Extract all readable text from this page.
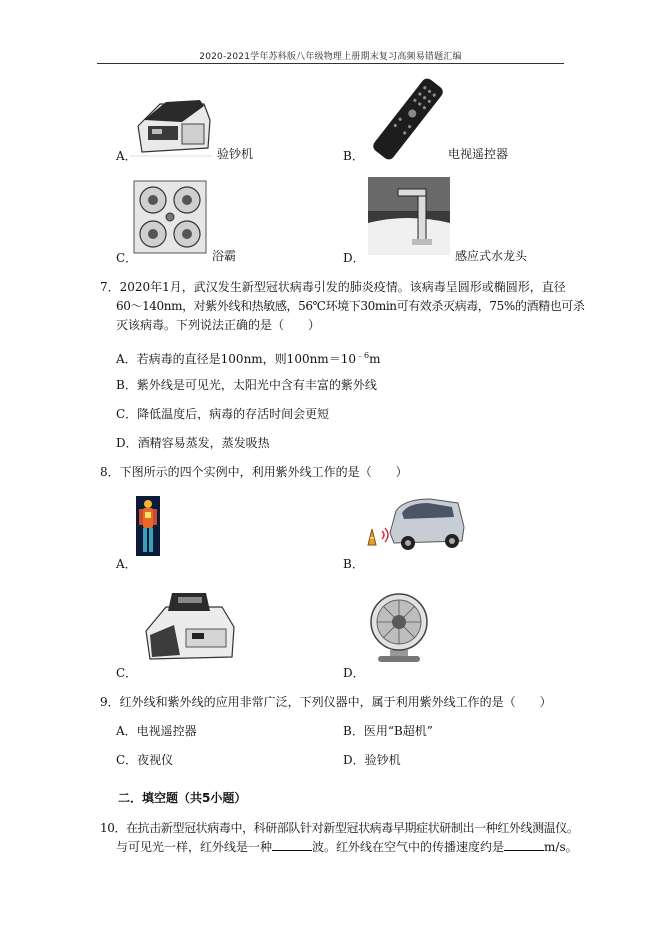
2020-2021学年苏科版八年级物理上册期末复习高频易错题汇编
A．	验钞机	B．	电视遥控器
C．	浴霸	D．	感应式水龙头
7．2020年1月，武汉发生新型冠状病毒引发的肺炎疫情。该病毒呈圆形或椭圆形，直径
60～140nm，对紫外线和热敏感，56℃环境下30min可有效杀灭病毒，75%的酒精也可杀
灭该病毒。下列说法正确的是（　　）
A．若病毒的直径是100nm，则$100nm=10^{﹣6}m$
B．紫外线是可见光，太阳光中含有丰富的紫外线
C．降低温度后，病毒的存活时间会更短
D．酒精容易蒸发，蒸发吸热
8．下图所示的四个实例中，利用紫外线工作的是（　　）
A．	B．
C．	D．
9．红外线和紫外线的应用非常广泛，下列仪器中，属于利用紫外线工作的是（　　）
A．电视遥控器	B．医用“B超机”
C．夜视仪	D．验钞机
二．填空题（共5小题）
10．在抗击新型冠状病毒中，科研部队针对新型冠状病毒早期症状研制出一种红外线测温仪。
与可见光一样，红外线是一种	波。红外线在空气中的传播速度约是	m/s。
